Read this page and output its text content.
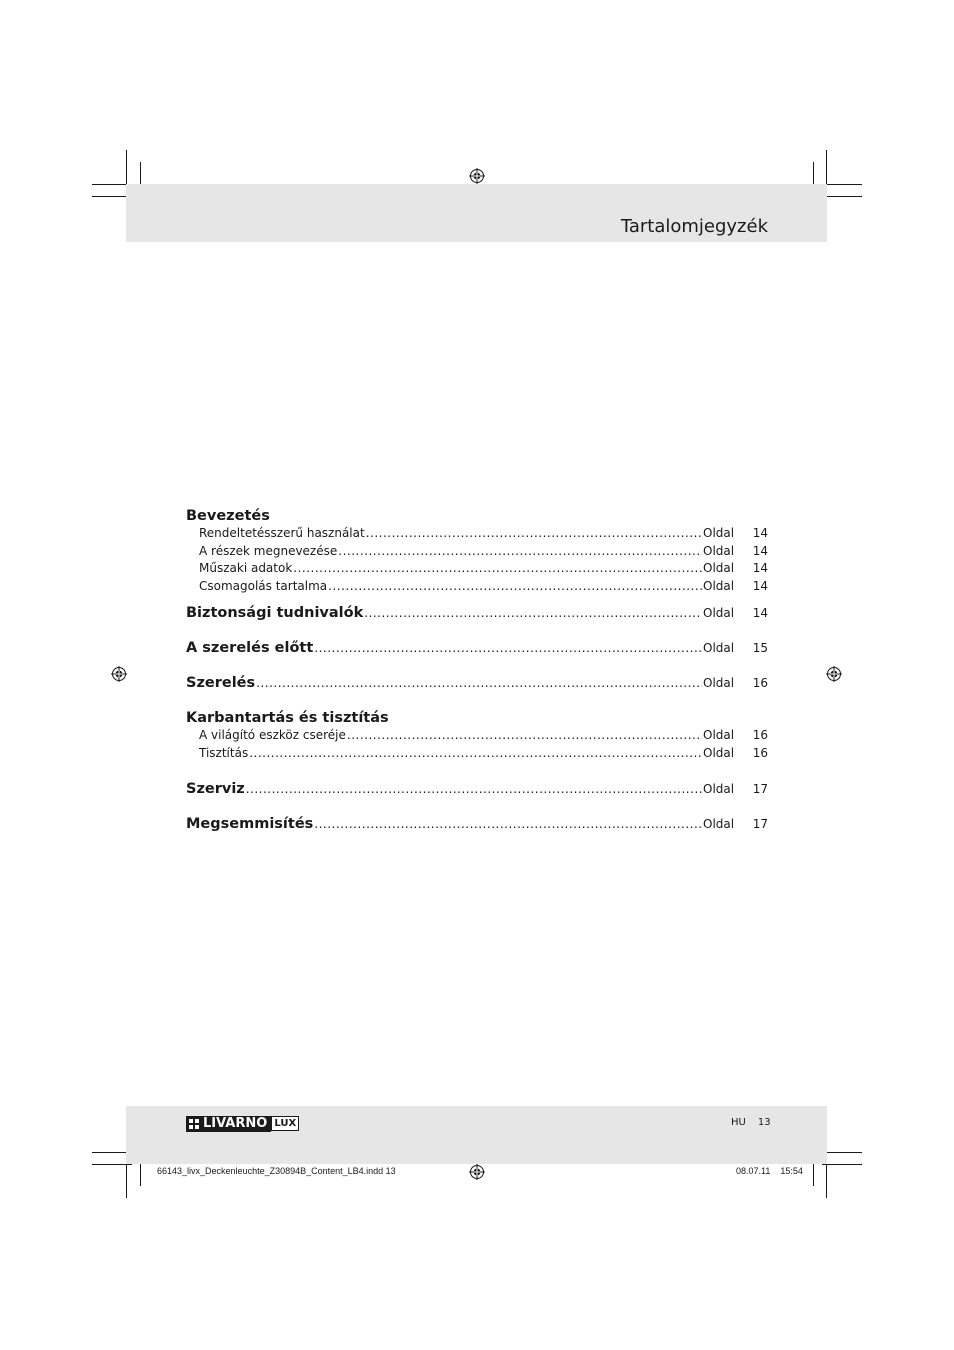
Tartalomjegyzék
Bevezetés
Rendeltetésszerű használat .....	Oldal 14
A részek megnevezése .....	Oldal 14
Műszaki adatok .....	Oldal 14
Csomagolás tartalma .....	Oldal 14
Biztonsági tudnivalók .....	Oldal 14
A szerelés előtt .....	Oldal 15
Szerelés .....	Oldal 16
Karbantartás és tisztítás
A világító eszköz cseréje .....	Oldal 16
Tisztítás .....	Oldal 16
Szerviz .....	Oldal 17
Megsemmisítés .....	Oldal 17
LIVARNO LUX	HU 13
66143_livx_Deckenleuchte_Z30894B_Content_LB4.indd 13	08.07.11 15:54
